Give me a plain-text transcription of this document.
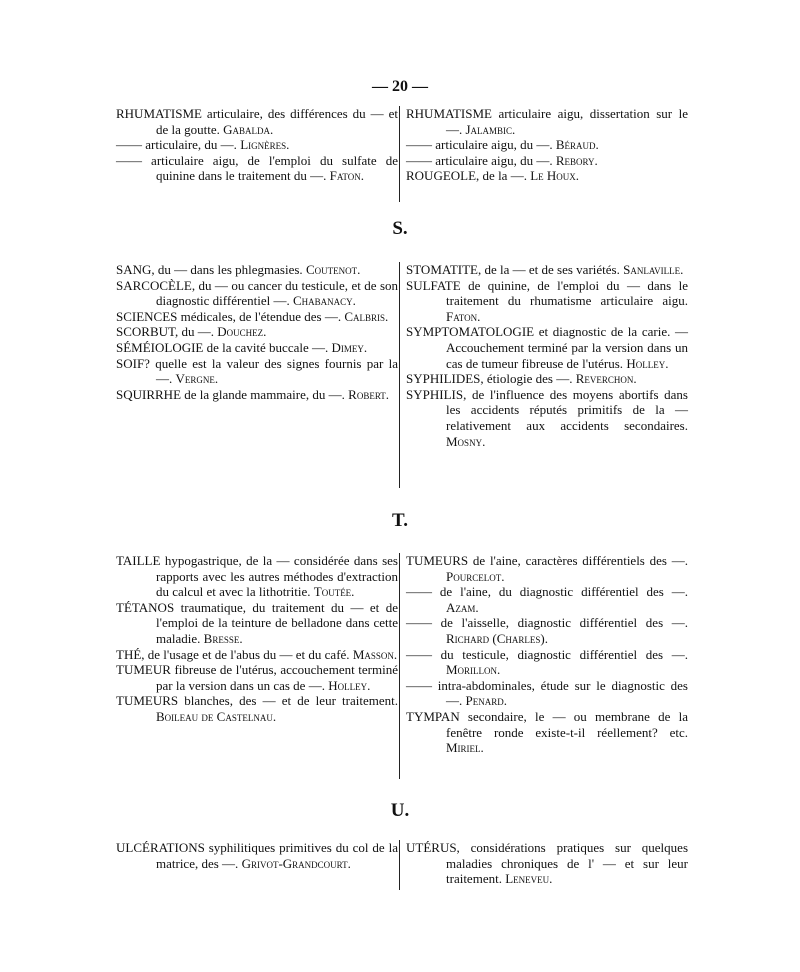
— 20 —

RHUMATISME articulaire, des différences du — et de la goutte. Gabalda.

—— articulaire, du —. Lignères.

—— articulaire aigu, de l'emploi du sulfate de quinine dans le traitement du —. Faton.

RHUMATISME articulaire aigu, dissertation sur le —. Jalambic.

—— articulaire aigu, du —. Béraud.

—— articulaire aigu, du —. Rebory.

ROUGEOLE, de la —. Le Houx.

S.

SANG, du — dans les phlegmasies. Coutenot.

SARCOCÈLE, du — ou cancer du testicule, et de son diagnostic différentiel —. Chabanacy.

SCIENCES médicales, de l'étendue des —. Calbris.

SCORBUT, du —. Douchez.

SÉMÉIOLOGIE de la cavité buccale —. Dimey.

SOIF? quelle est la valeur des signes fournis par la —. Vergne.

SQUIRRHE de la glande mammaire, du —. Robert.

STOMATITE, de la — et de ses variétés. Sanlaville.

SULFATE de quinine, de l'emploi du — dans le traitement du rhumatisme articulaire aigu. Faton.

SYMPTOMATOLOGIE et diagnostic de la carie. — Accouchement terminé par la version dans un cas de tumeur fibreuse de l'utérus. Holley.

SYPHILIDES, étiologie des —. Reverchon.

SYPHILIS, de l'influence des moyens abortifs dans les accidents réputés primitifs de la — relativement aux accidents secondaires. Mosny.

T.

TAILLE hypogastrique, de la — considérée dans ses rapports avec les autres méthodes d'extraction du calcul et avec la lithotritie. Toutée.

TÉTANOS traumatique, du traitement du — et de l'emploi de la teinture de belladone dans cette maladie. Bresse.

THÉ, de l'usage et de l'abus du — et du café. Masson.

TUMEUR fibreuse de l'utérus, accouchement terminé par la version dans un cas de —. Holley.

TUMEURS blanches, des — et de leur traitement. Boileau de Castelnau.

TUMEURS de l'aine, caractères différentiels des —. Pourcelot.

—— de l'aine, du diagnostic différentiel des —. Azam.

—— de l'aisselle, diagnostic différentiel des —. Richard (Charles).

—— du testicule, diagnostic différentiel des —. Morillon.

—— intra-abdominales, étude sur le diagnostic des —. Penard.

TYMPAN secondaire, le — ou membrane de la fenêtre ronde existe-t-il réellement? etc. Miriel.

U.

ULCÉRATIONS syphilitiques primitives du col de la matrice, des —. Grivot-Grandcourt.

UTÉRUS, considérations pratiques sur quelques maladies chroniques de l' — et sur leur traitement. Leneveu.
